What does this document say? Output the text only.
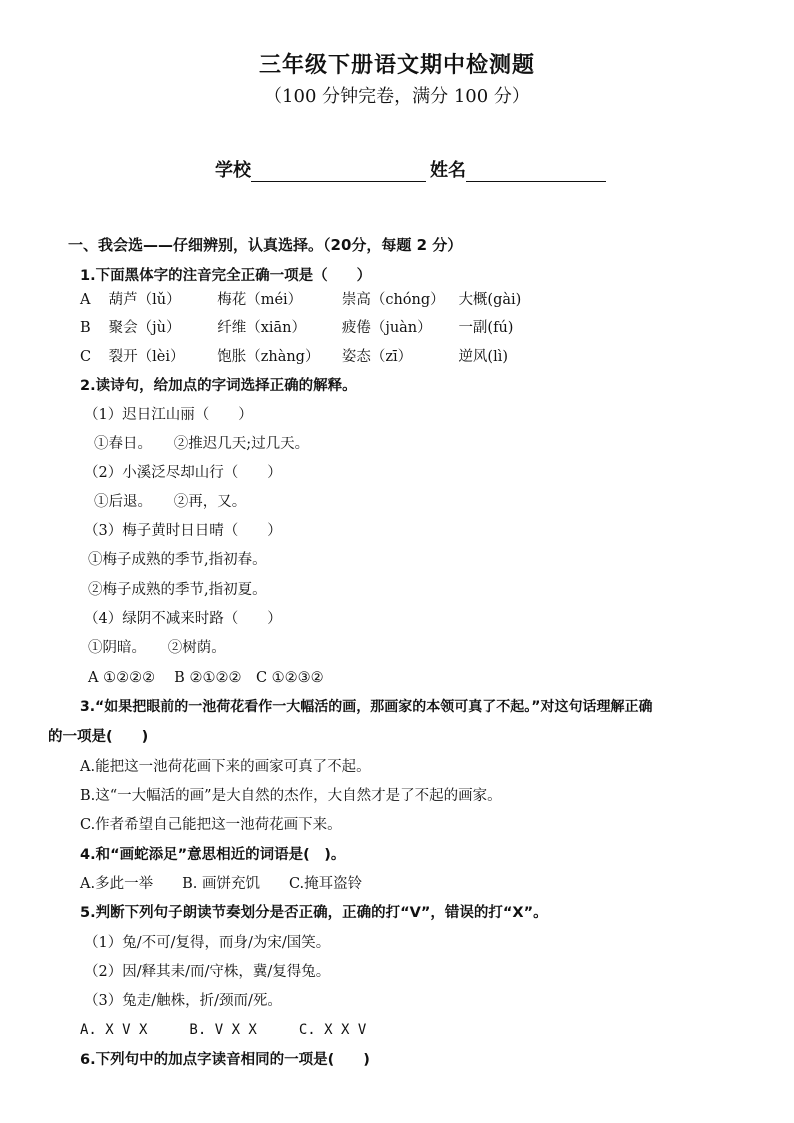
三年级下册语文期中检测题
（100 分钟完卷，满分 100 分）
学校	姓名
一、我会选——仔细辨别，认真选择。（20分，每题 2 分）
1.下面黑体字的注音完全正确一项是（　　）
A 葫芦（lǔ）	梅花（méi）	崇高（chóng） 大概(gài)
B 聚会（jù）	纤维（xiān） 疲倦（juàn） 一副(fú)
C 裂开（lèi） 饱胀（zhàng） 姿态（zī）	逆风(lì)
2.读诗句，给加点的字词选择正确的解释。
（1）迟日江山丽（　　）
①春日。　　②推迟几天;过几天。
（2）小溪泛尽却山行（　　）
①后退。　　②再，又。
（3）梅子黄时日日晴（　　）
①梅子成熟的季节,指初春。
②梅子成熟的季节,指初夏。
（4）绿阴不减来时路（　　）
①阴暗。　　②树荫。
A ①②②②　 B ②①②②　C ①②③②
3.“如果把眼前的一池荷花看作一大幅活的画，那画家的本领可真了不起。”对这句话理解正确
的一项是(　　)
A.能把这一池荷花画下来的画家可真了不起。
B.这“一大幅活的画”是大自然的杰作，大自然才是了不起的画家。
C.作者希望自己能把这一池荷花画下来。
4.和“画蛇添足”意思相近的词语是(　)。
A.多此一举　　B. 画饼充饥　　C.掩耳盗铃
5.判断下列句子朗读节奏划分是否正确，正确的打“V”，错误的打“X”。
（1）兔/不可/复得，而身/为宋/国笑。
（2）因/释其耒/而/守株，冀/复得兔。
（3）兔走/触株，折/颈而/死。
A. X V X　　　B. V X X　　　C. X X V
6.下列句中的加点字读音相同的一项是(　　)
